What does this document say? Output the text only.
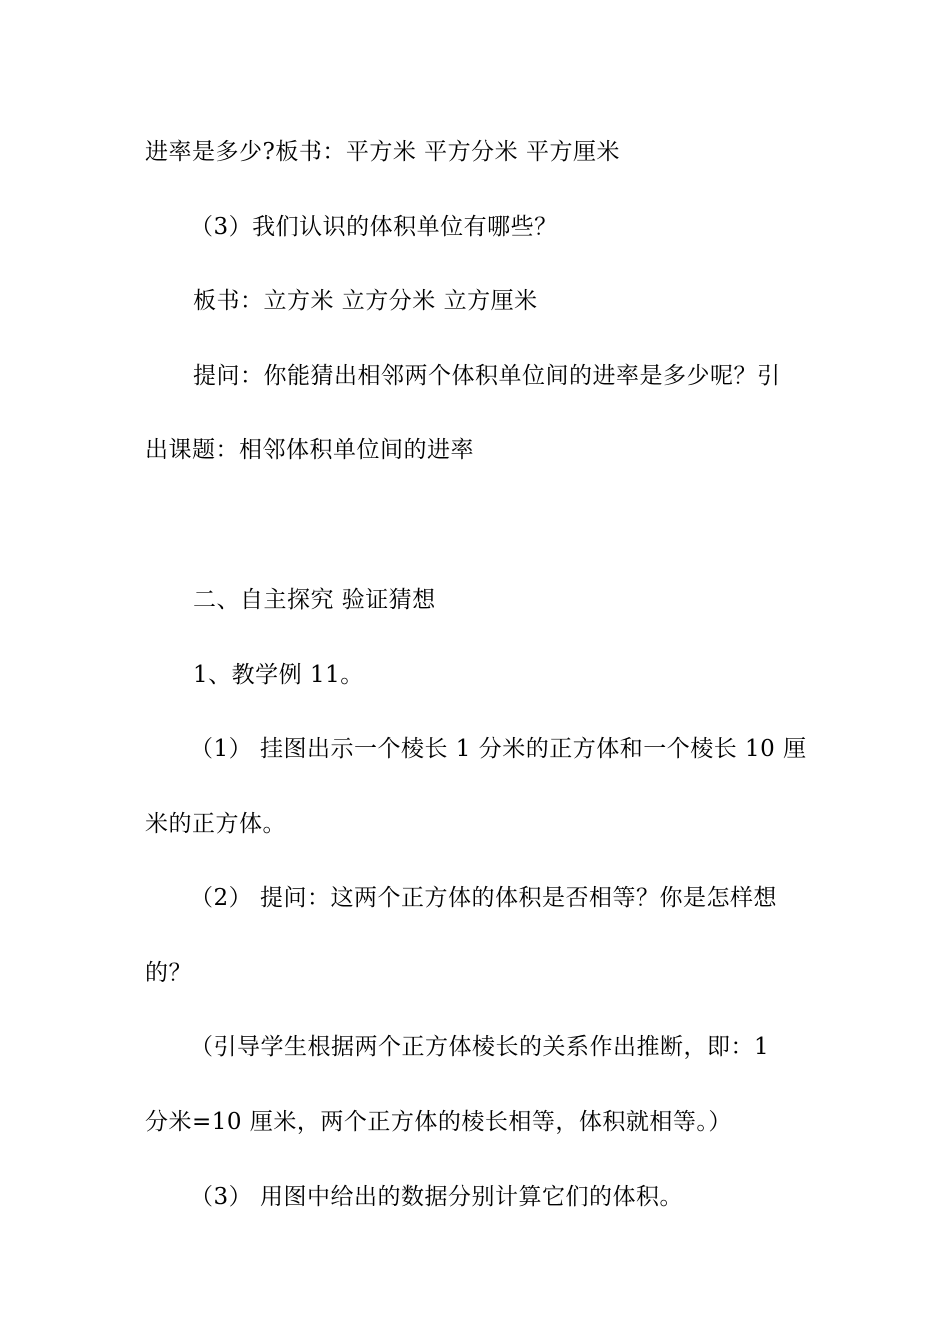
进率是多少?板书：平方米 平方分米 平方厘米
（3）我们认识的体积单位有哪些？
板书：立方米 立方分米 立方厘米
提问：你能猜出相邻两个体积单位间的进率是多少呢？引
出课题：相邻体积单位间的进率
二、自主探究 验证猜想
1、教学例 11。
（1） 挂图出示一个棱长 1 分米的正方体和一个棱长 10 厘
米的正方体。
（2） 提问：这两个正方体的体积是否相等？你是怎样想
的？
（引导学生根据两个正方体棱长的关系作出推断，即：1
分米=10 厘米，两个正方体的棱长相等，体积就相等。）
（3） 用图中给出的数据分别计算它们的体积。
